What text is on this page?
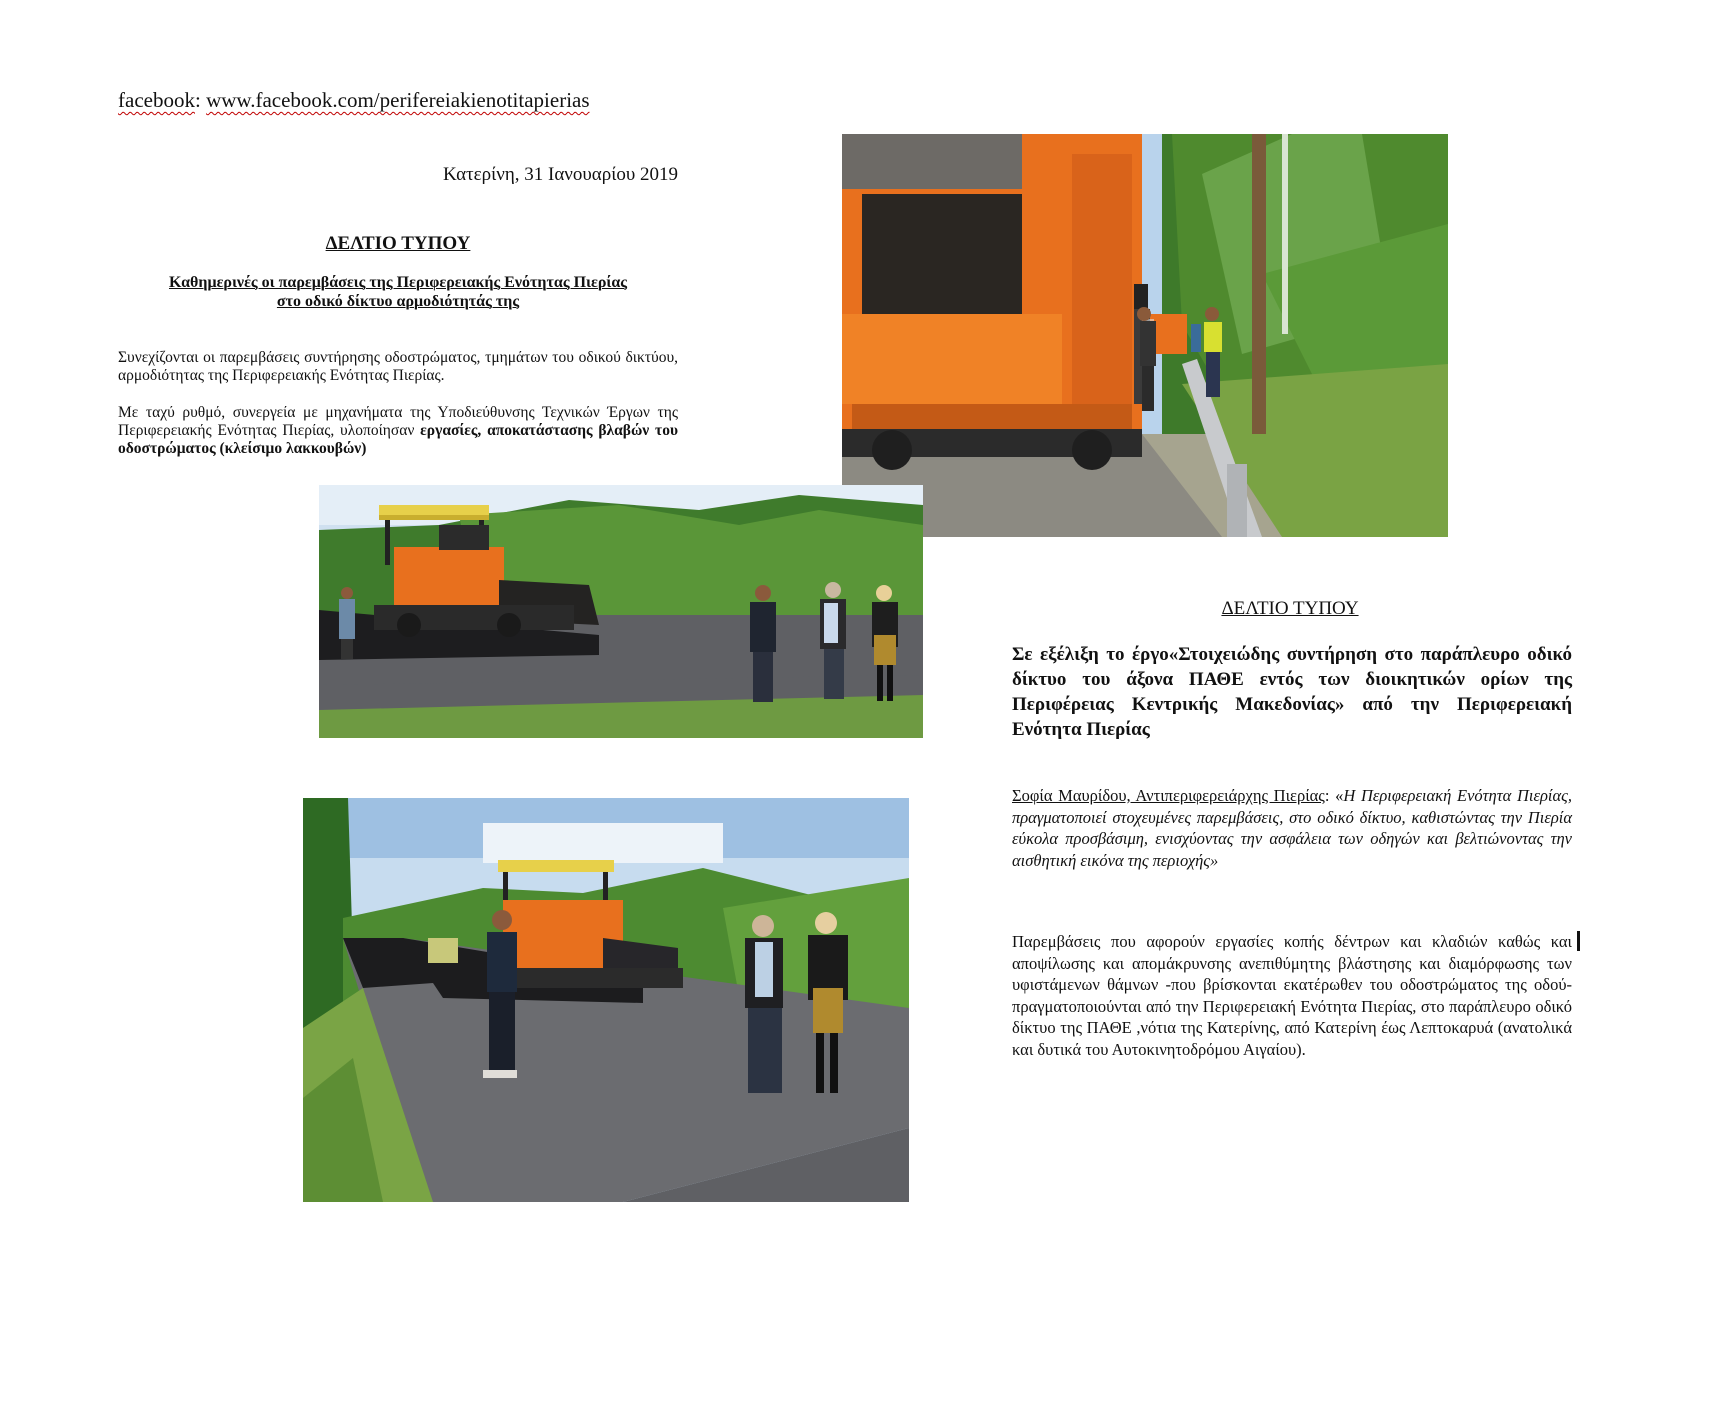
facebook: www.facebook.com/perifereiakienotitapierias
Κατερίνη, 31 Ιανουαρίου 2019
ΔΕΛΤΙΟ ΤΥΠΟΥ
Καθημερινές οι παρεμβάσεις της Περιφερειακής Ενότητας Πιερίας
στο οδικό δίκτυο αρμοδιότητάς της
Συνεχίζονται οι παρεμβάσεις συντήρησης οδοστρώματος, τμημάτων του οδικού δικτύου, αρμοδιότητας της Περιφερειακής Ενότητας Πιερίας.
Με ταχύ ρυθμό, συνεργεία με μηχανήματα της Υποδιεύθυνσης Τεχνικών Έργων της Περιφερειακής Ενότητας Πιερίας, υλοποίησαν εργασίες, αποκατάστασης βλαβών του οδοστρώματος (κλείσιμο λακκουβών)
ΔΕΛΤΙΟ ΤΥΠΟΥ
Σε εξέλιξη το έργο«Στοιχειώδης συντήρηση στο παράπλευρο οδικό δίκτυο του άξονα ΠΑΘΕ εντός των διοικητικών ορίων της Περιφέρειας Κεντρικής Μακεδονίας» από την Περιφερειακή Ενότητα Πιερίας
Σοφία Μαυρίδου, Αντιπεριφερειάρχης Πιερίας: «Η Περιφερειακή Ενότητα Πιερίας, πραγματοποιεί στοχευμένες παρεμβάσεις, στο οδικό δίκτυο, καθιστώντας την Πιερία εύκολα προσβάσιμη, ενισχύοντας την ασφάλεια των οδηγών και βελτιώνοντας την αισθητική εικόνα της περιοχής»
Παρεμβάσεις που αφορούν εργασίες κοπής δέντρων και κλαδιών καθώς και αποψίλωσης και απομάκρυνσης ανεπιθύμητης βλάστησης και διαμόρφωσης των υφιστάμενων θάμνων -που βρίσκονται εκατέρωθεν του οδοστρώματος της οδού- πραγματοποιούνται από την Περιφερειακή Ενότητα Πιερίας, στο παράπλευρο οδικό δίκτυο της ΠΑΘΕ ,νότια της Κατερίνης, από Κατερίνη έως Λεπτοκαρυά (ανατολικά και δυτικά του Αυτοκινητοδρόμου Αιγαίου).
